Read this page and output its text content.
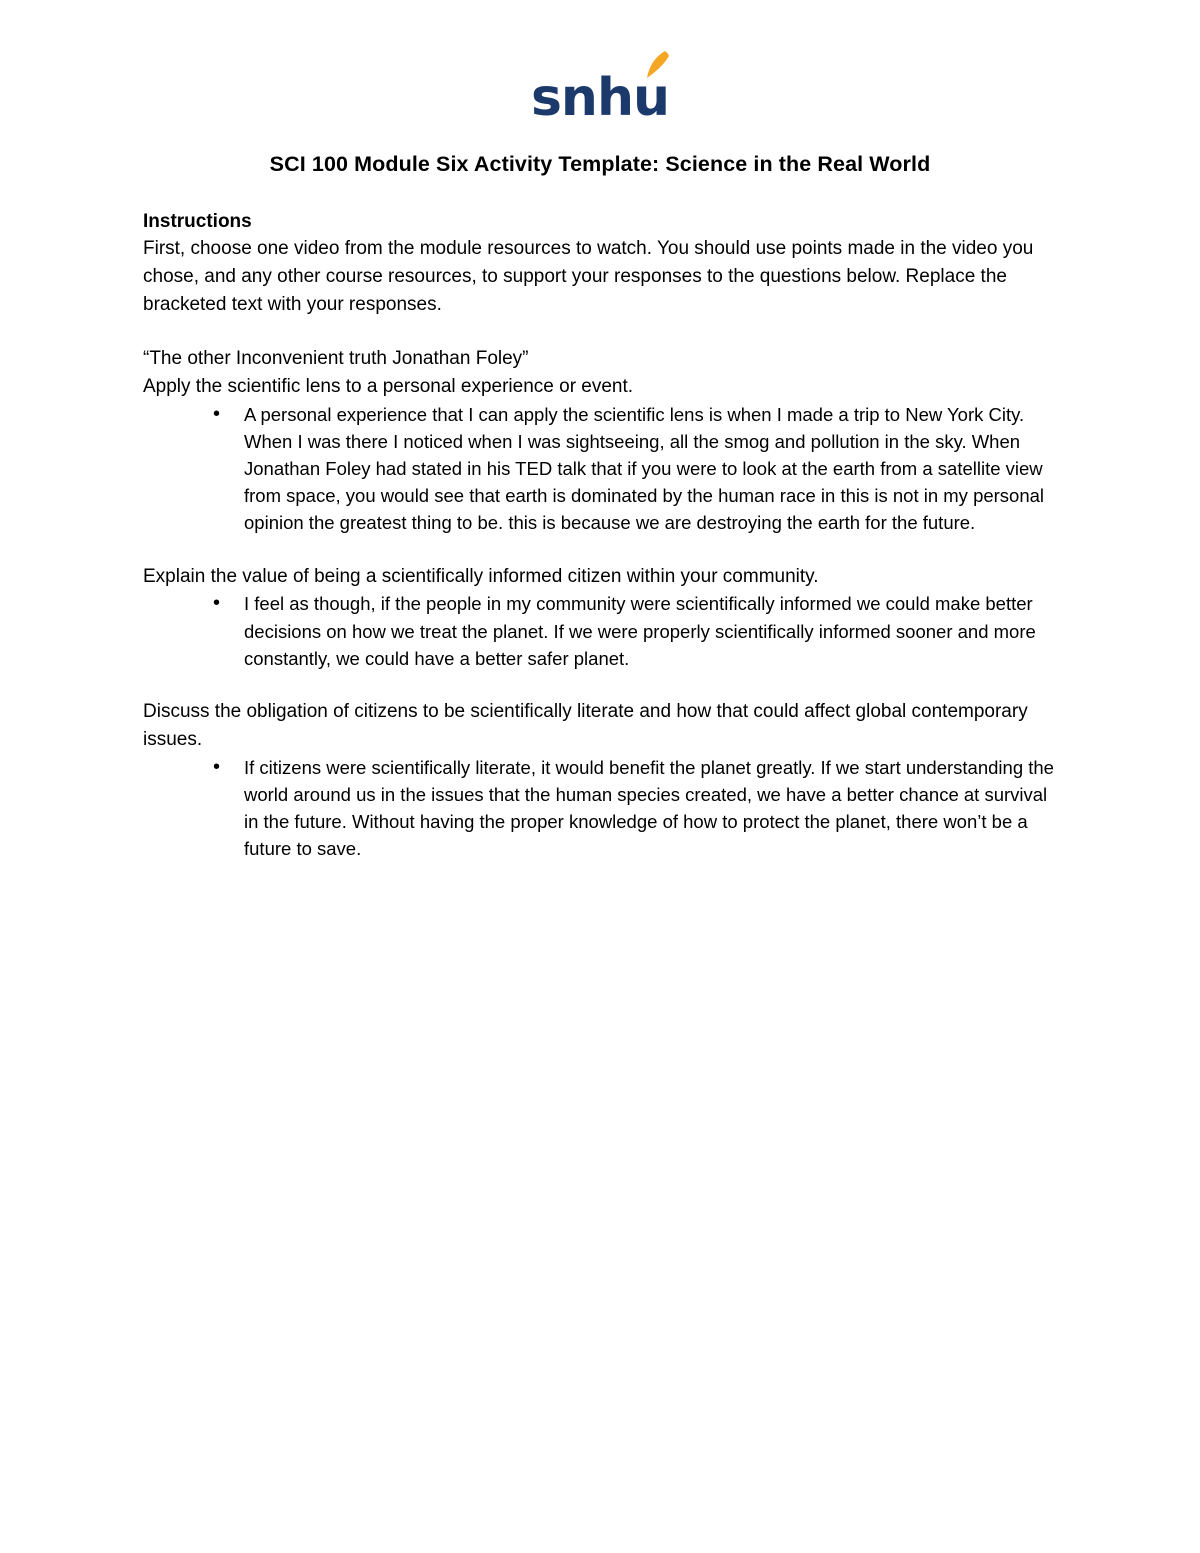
snhu
SCI 100 Module Six Activity Template: Science in the Real World
Instructions

First, choose one video from the module resources to watch. You should use points made in the video you chose, and any other course resources, to support your responses to the questions below. Replace the bracketed text with your responses.

“The other Inconvenient truth Jonathan Foley”

Apply the scientific lens to a personal experience or event.

• A personal experience that I can apply the scientific lens is when I made a trip to New York City. When I was there I noticed when I was sightseeing, all the smog and pollution in the sky. When Jonathan Foley had stated in his TED talk that if you were to look at the earth from a satellite view from space, you would see that earth is dominated by the human race in this is not in my personal opinion the greatest thing to be. this is because we are destroying the earth for the future.

Explain the value of being a scientifically informed citizen within your community.

• I feel as though, if the people in my community were scientifically informed we could make better decisions on how we treat the planet. If we were properly scientifically informed sooner and more constantly, we could have a better safer planet.

Discuss the obligation of citizens to be scientifically literate and how that could affect global contemporary issues.

• If citizens were scientifically literate, it would benefit the planet greatly. If we start understanding the world around us in the issues that the human species created, we have a better chance at survival in the future. Without having the proper knowledge of how to protect the planet, there won’t be a future to save.
